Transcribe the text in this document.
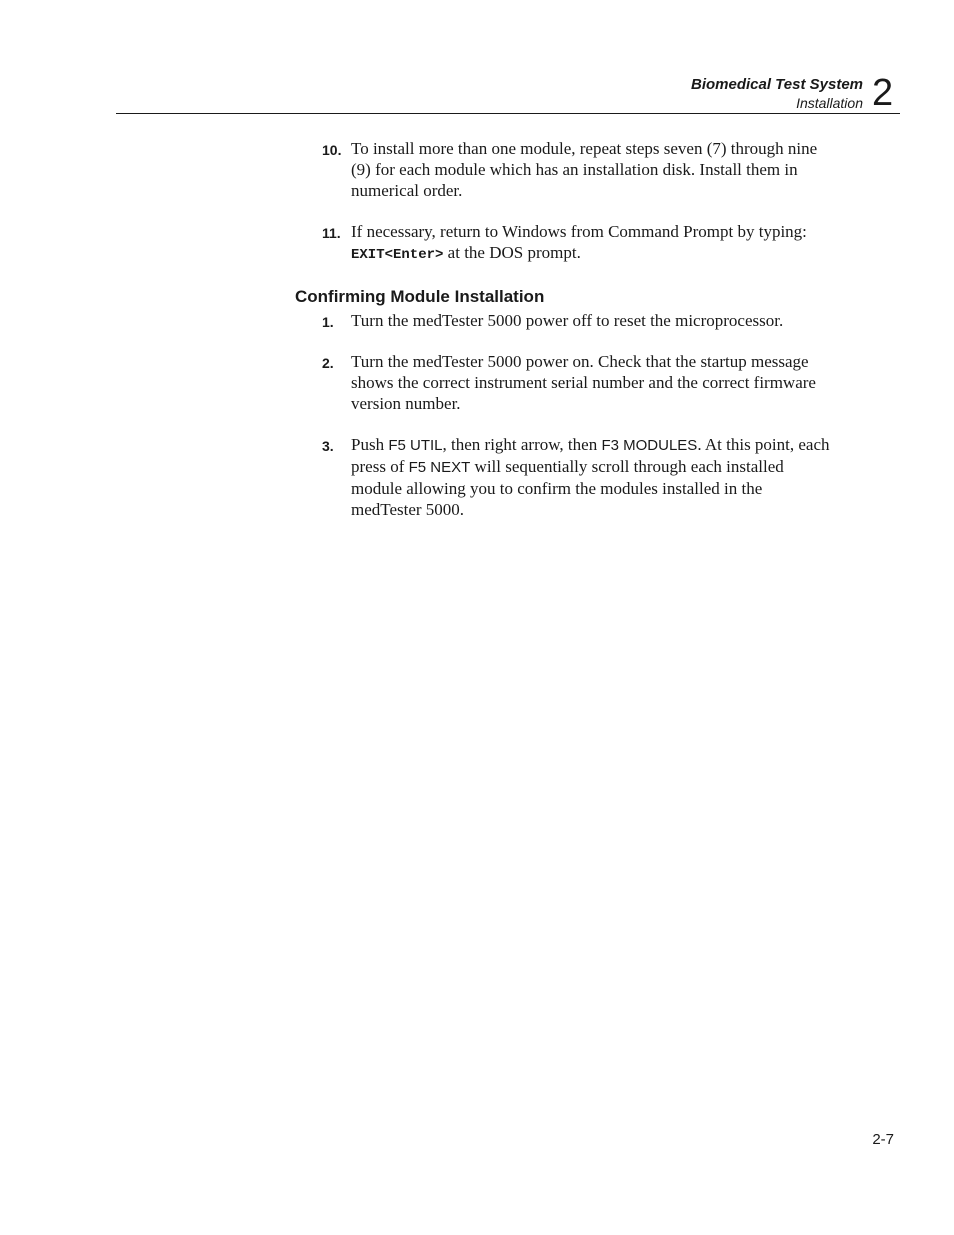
Biomedical Test System
Installation 2
10. To install more than one module, repeat steps seven (7) through nine (9) for each module which has an installation disk. Install them in numerical order.
11. If necessary, return to Windows from Command Prompt by typing: EXIT<Enter> at the DOS prompt.
Confirming Module Installation
1. Turn the medTester 5000 power off to reset the microprocessor.
2. Turn the medTester 5000 power on. Check that the startup message shows the correct instrument serial number and the correct firmware version number.
3. Push F5 UTIL, then right arrow, then F3 MODULES. At this point, each press of F5 NEXT will sequentially scroll through each installed module allowing you to confirm the modules installed in the medTester 5000.
2-7
